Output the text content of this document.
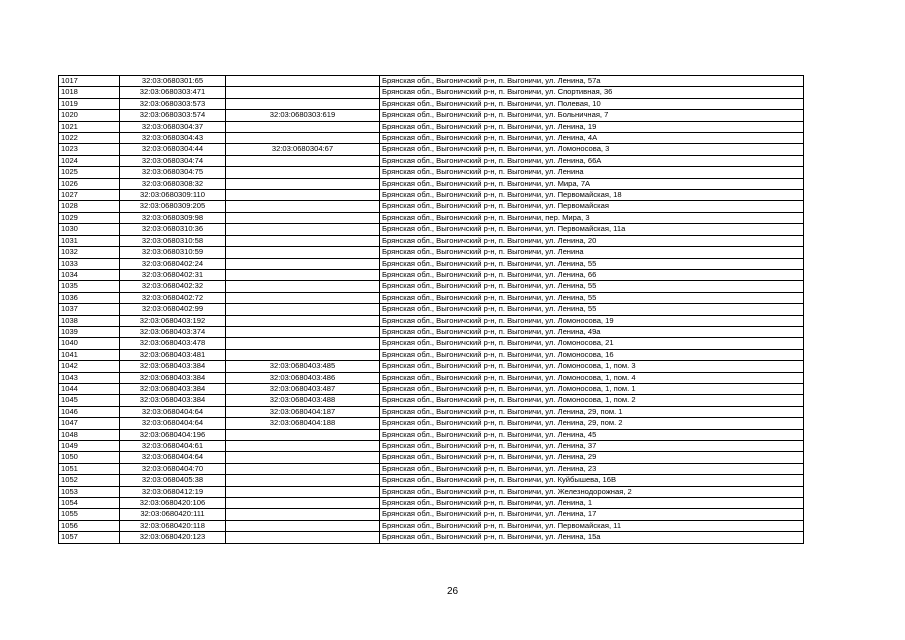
1017	32:03:0680301:65		Брянская обл., Выгоничский р-н, п. Выгоничи, ул. Ленина, 57а
1018	32:03:0680303:471		Брянская обл., Выгоничский р-н, п. Выгоничи, ул. Спортивная, 36
1019	32:03:0680303:573		Брянская обл., Выгоничский р-н, п. Выгоничи, ул. Полевая, 10
1020	32:03:0680303:574	32:03:0680303:619	Брянская обл., Выгоничский р-н, п. Выгоничи, ул. Больничная, 7
1021	32:03:0680304:37		Брянская обл., Выгоничский р-н, п. Выгоничи, ул. Ленина, 19
1022	32:03:0680304:43		Брянская обл., Выгоничский р-н, п. Выгоничи, ул. Ленина, 4А
1023	32:03:0680304:44	32:03:0680304:67	Брянская обл., Выгоничский р-н, п. Выгоничи, ул. Ломоносова, 3
1024	32:03:0680304:74		Брянская обл., Выгоничский р-н, п. Выгоничи, ул. Ленина, 66А
1025	32:03:0680304:75		Брянская обл., Выгоничский р-н, п. Выгоничи, ул. Ленина
1026	32:03:0680308:32		Брянская обл., Выгоничский р-н, п. Выгоничи, ул. Мира, 7А
1027	32:03:0680309:110		Брянская обл., Выгоничский р-н, п. Выгоничи, ул. Первомайская, 18
1028	32:03:0680309:205		Брянская обл., Выгоничский р-н, п. Выгоничи, ул. Первомайская
1029	32:03:0680309:98		Брянская обл., Выгоничский р-н, п. Выгоничи, пер. Мира, 3
1030	32:03:0680310:36		Брянская обл., Выгоничский р-н, п. Выгоничи, ул. Первомайская, 11а
1031	32:03:0680310:58		Брянская обл., Выгоничский р-н, п. Выгоничи, ул. Ленина, 20
1032	32:03:0680310:59		Брянская обл., Выгоничский р-н, п. Выгоничи, ул. Ленина
1033	32:03:0680402:24		Брянская обл., Выгоничский р-н, п. Выгоничи, ул. Ленина, 55
1034	32:03:0680402:31		Брянская обл., Выгоничский р-н, п. Выгоничи, ул. Ленина, 66
1035	32:03:0680402:32		Брянская обл., Выгоничский р-н, п. Выгоничи, ул. Ленина, 55
1036	32:03:0680402:72		Брянская обл., Выгоничский р-н, п. Выгоничи, ул. Ленина, 55
1037	32:03:0680402:99		Брянская обл., Выгоничский р-н, п. Выгоничи, ул. Ленина, 55
1038	32:03:0680403:192		Брянская обл., Выгоничский р-н, п. Выгоничи, ул. Ломоносова, 19
1039	32:03:0680403:374		Брянская обл., Выгоничский р-н, п. Выгоничи, ул. Ленина, 49а
1040	32:03:0680403:478		Брянская обл., Выгоничский р-н, п. Выгоничи, ул. Ломоносова, 21
1041	32:03:0680403:481		Брянская обл., Выгоничский р-н, п. Выгоничи, ул. Ломоносова, 16
1042	32:03:0680403:384	32:03:0680403:485	Брянская обл., Выгоничский р-н, п. Выгоничи, ул. Ломоносова, 1, пом. 3
1043	32:03:0680403:384	32:03:0680403:486	Брянская обл., Выгоничский р-н, п. Выгоничи, ул. Ломоносова, 1, пом. 4
1044	32:03:0680403:384	32:03:0680403:487	Брянская обл., Выгоничский р-н, п. Выгоничи, ул. Ломоносова, 1, пом. 1
1045	32:03:0680403:384	32:03:0680403:488	Брянская обл., Выгоничский р-н, п. Выгоничи, ул. Ломоносова, 1, пом. 2
1046	32:03:0680404:64	32:03:0680404:187	Брянская обл., Выгоничский р-н, п. Выгоничи, ул. Ленина, 29, пом. 1
1047	32:03:0680404:64	32:03:0680404:188	Брянская обл., Выгоничский р-н, п. Выгоничи, ул. Ленина, 29, пом. 2
1048	32:03:0680404:196		Брянская обл., Выгоничский р-н, п. Выгоничи, ул. Ленина, 45
1049	32:03:0680404:61		Брянская обл., Выгоничский р-н, п. Выгоничи, ул. Ленина, 37
1050	32:03:0680404:64		Брянская обл., Выгоничский р-н, п. Выгоничи, ул. Ленина, 29
1051	32:03:0680404:70		Брянская обл., Выгоничский р-н, п. Выгоничи, ул. Ленина, 23
1052	32:03:0680405:38		Брянская обл., Выгоничский р-н, п. Выгоничи, ул. Куйбышева, 16В
1053	32:03:0680412:19		Брянская обл., Выгоничский р-н, п. Выгоничи, ул. Железнодорожная, 2
1054	32:03:0680420:106		Брянская обл., Выгоничский р-н, п. Выгоничи, ул. Ленина, 1
1055	32:03:0680420:111		Брянская обл., Выгоничский р-н, п. Выгоничи, ул. Ленина, 17
1056	32:03:0680420:118		Брянская обл., Выгоничский р-н, п. Выгоничи, ул. Первомайская, 11
1057	32:03:0680420:123		Брянская обл., Выгоничский р-н, п. Выгоничи, ул. Ленина, 15а
26
